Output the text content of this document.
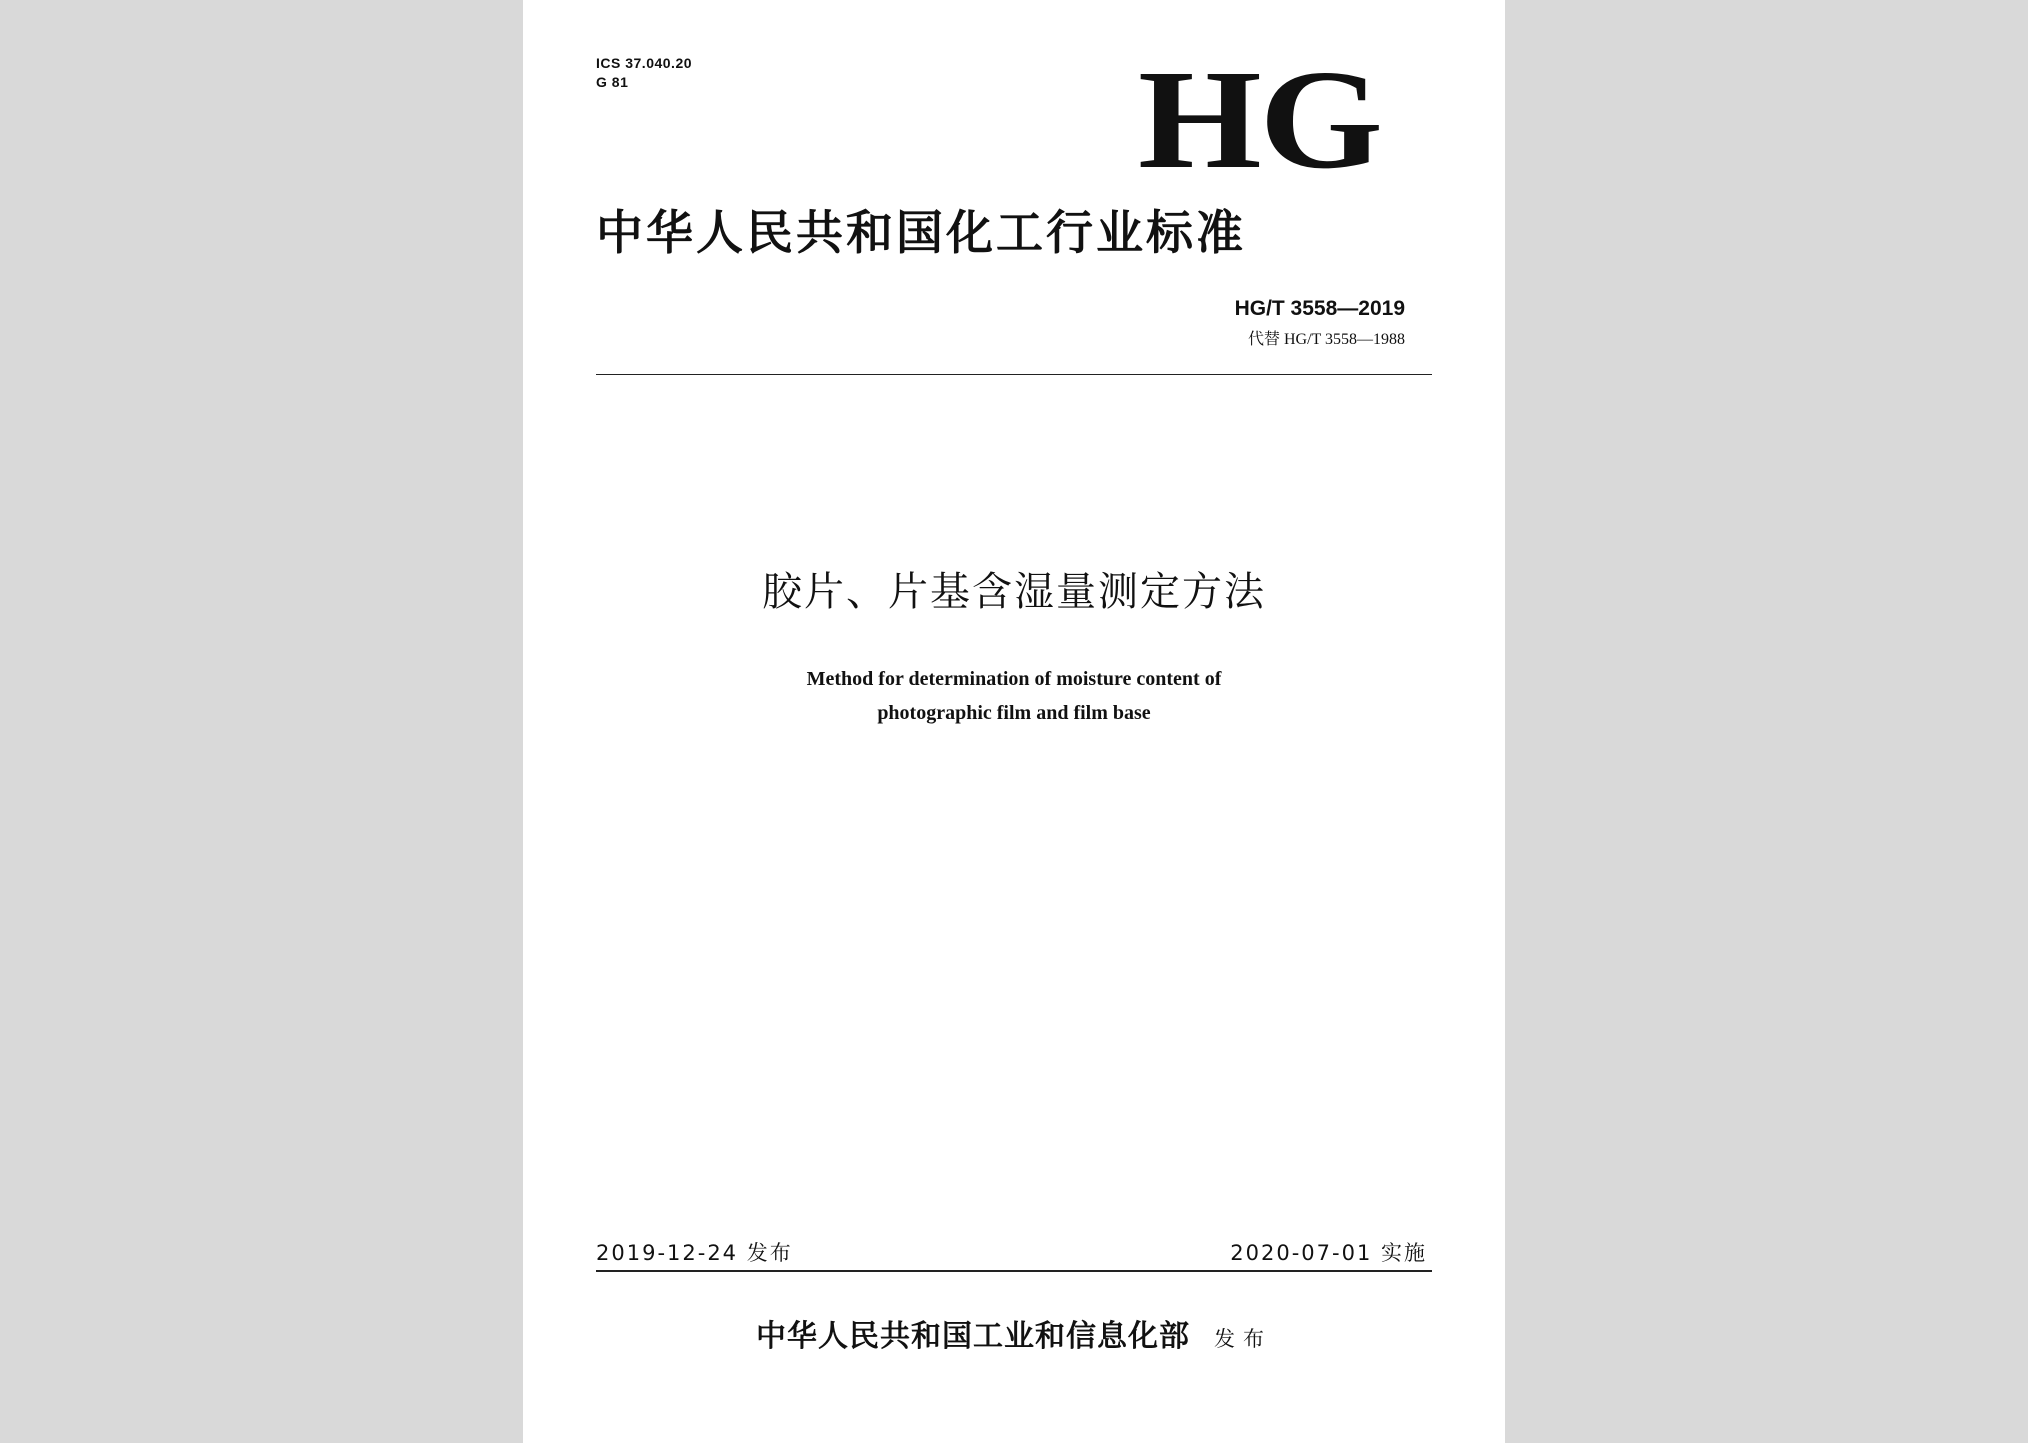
ICS 37.040.20
G 81	HG
中华人民共和国化工行业标准
HG/T 3558—2019
代替 HG/T 3558—1988
胶片、片基含湿量测定方法
Method for determination of moisture content of
photographic film and film base
2019-12-24 发布	2020-07-01 实施
中华人民共和国工业和信息化部 发布
